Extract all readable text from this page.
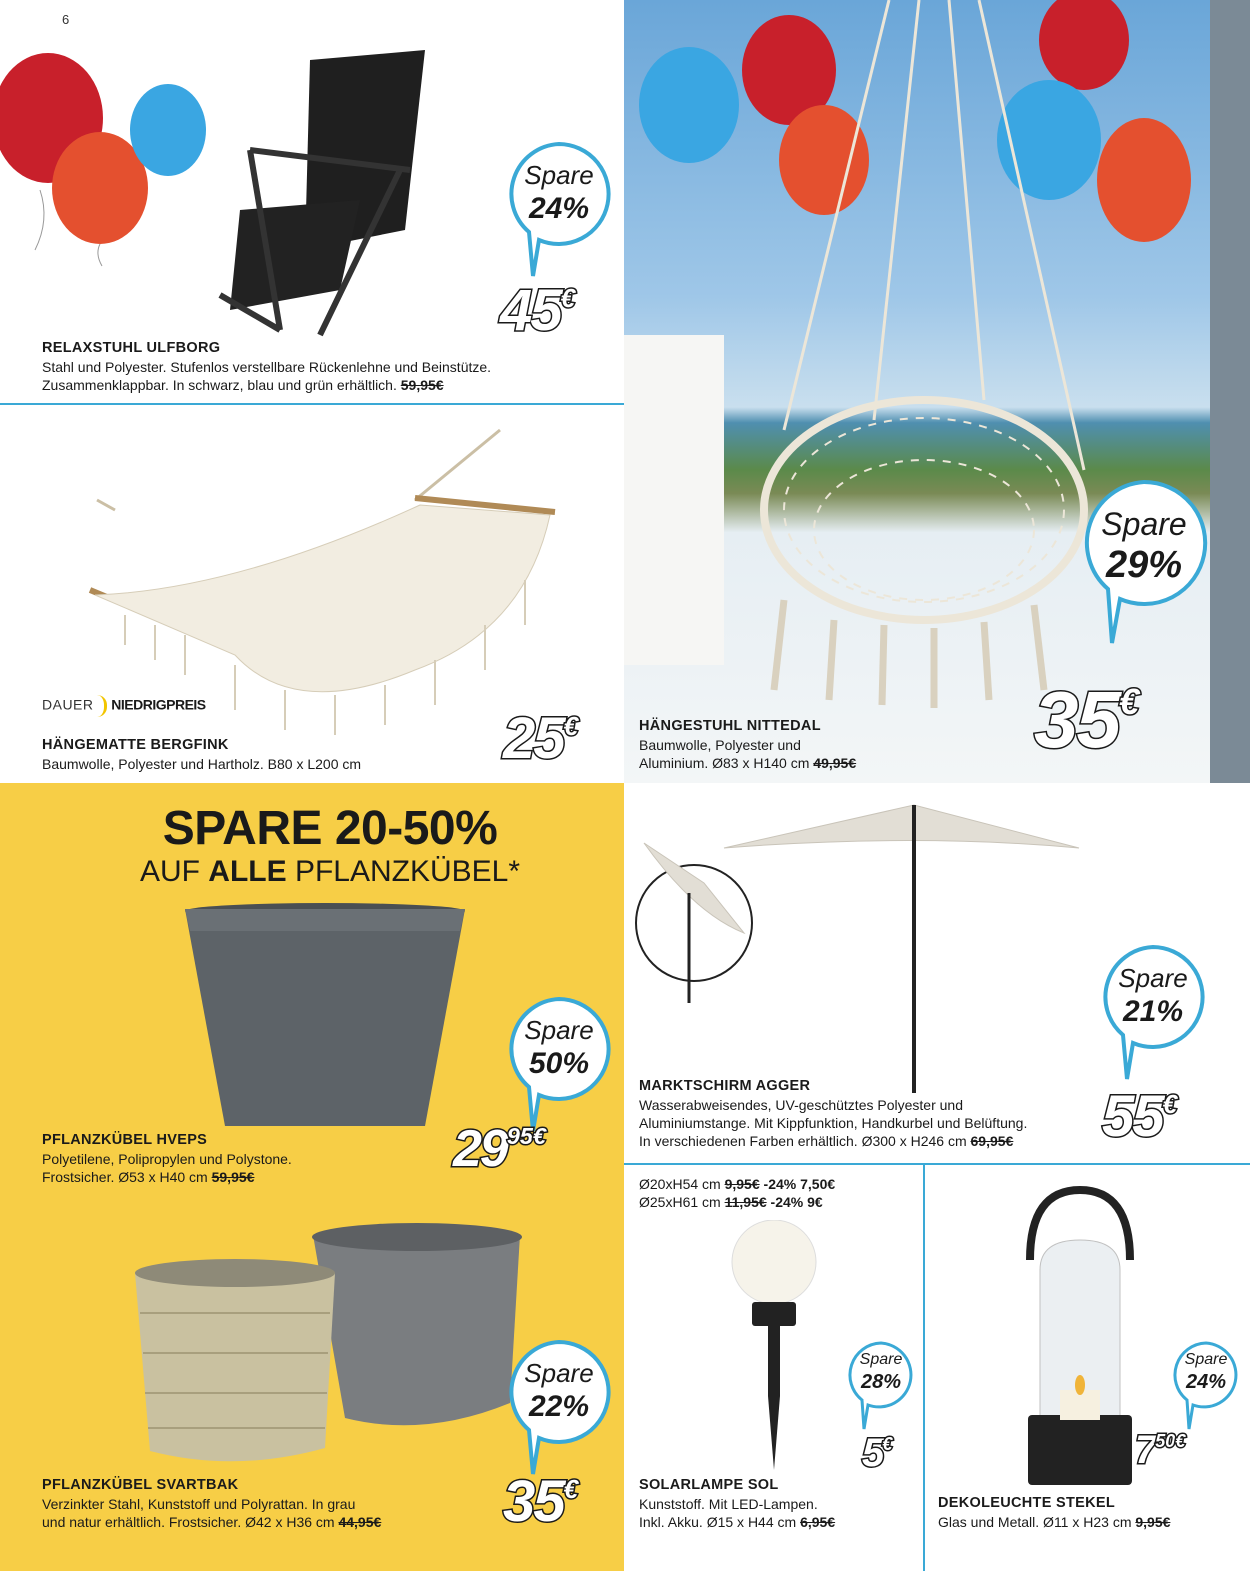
6
Spare
24%
45€
RELAXSTUHL ULFBORG
Stahl und Polyester. Stufenlos verstellbare Rückenlehne und Beinstütze.
Zusammenklappbar. In schwarz, blau und grün erhältlich. 59,95€
DAUER NIEDRIGPREIS
HÄNGEMATTE BERGFINK
Baumwolle, Polyester und Hartholz. B80 x L200 cm 25€
Spare
29%
35€
HÄNGESTUHL NITTEDAL
Baumwolle, Polyester und
Aluminium. Ø83 x H140 cm 49,95€
SPARE 20-50%
AUF ALLE PFLANZKÜBEL*
Spare
50%
$29^{95€}$
PFLANZKÜBEL HVEPS
Polyetilene, Polipropylen und Polystone.
Frostsicher. Ø53 x H40 cm 59,95€
Spare
22%
35€
PFLANZKÜBEL SVARTBAK
Verzinkter Stahl, Kunststoff und Polyrattan. In grau
und natur erhältlich. Frostsicher. Ø42 x H36 cm 44,95€
Spare
21%
55€
MARKTSCHIRM AGGER
Wasserabweisendes, UV-geschütztes Polyester und
Aluminiumstange. Mit Kippfunktion, Handkurbel und Belüftung.
In verschiedenen Farben erhältlich. Ø300 x H246 cm 69,95€
Ø20xH54 cm 9,95€ -24% 7,50€
Ø25xH61 cm 11,95€ -24% 9€
Spare
28%
5€
SOLARLAMPE SOL
Kunststoff. Mit LED-Lampen.
Inkl. Akku. Ø15 x H44 cm 6,95€
Spare
24%
$7^{50€}$
DEKOLEUCHTE STEKEL
Glas und Metall. Ø11 x H23 cm 9,95€
